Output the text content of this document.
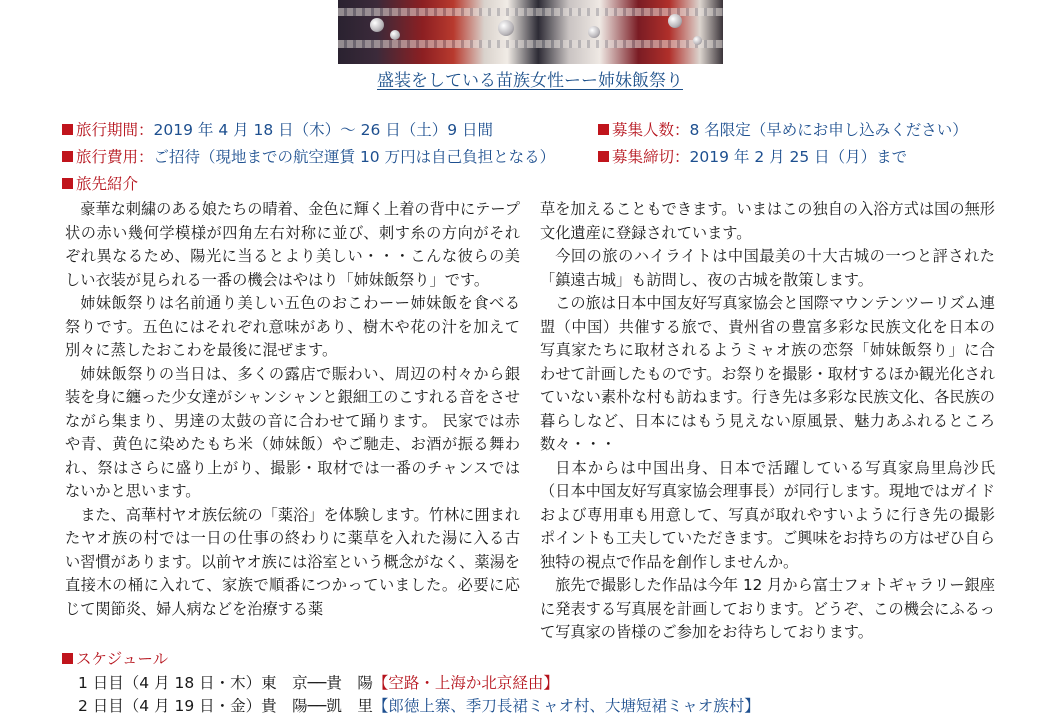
盛装をしている苗族女性ーー姉妹飯祭り
旅行期間：2019 年 4 月 18 日（木）〜 26 日（土）9 日間
旅行費用：ご招待（現地までの航空運賃 10 万円は自己負担となる）
募集人数：8 名限定（早めにお申し込みください）
募集締切：2019 年 2 月 25 日（月）まで
旅先紹介

豪華な刺繍のある娘たちの晴着、金色に輝く上着の背中にテープ状の赤い幾何学模様が四角左右対称に並び、刺す糸の方向がそれぞれ異なるため、陽光に当るとより美しい・・・こんな彼らの美しい衣装が見られる一番の機会はやはり「姉妹飯祭り」です。

姉妹飯祭りは名前通り美しい五色のおこわーー姉妹飯を食べる祭りです。五色にはそれぞれ意味があり、樹木や花の汁を加えて別々に蒸したおこわを最後に混ぜます。

姉妹飯祭りの当日は、多くの露店で賑わい、周辺の村々から銀装を身に纏った少女達がシャンシャンと銀細工のこすれる音をさせながら集まり、男達の太鼓の音に合わせて踊ります。 民家では赤や青、黄色に染めたもち米（姉妹飯）やご馳走、お酒が振る舞われ、祭はさらに盛り上がり、撮影・取材では一番のチャンスではないかと思います。

また、高華村ヤオ族伝統の「薬浴」を体験します。竹林に囲まれたヤオ族の村では一日の仕事の終わりに薬草を入れた湯に入る古い習慣があります。以前ヤオ族には浴室という概念がなく、薬湯を直接木の桶に入れて、家族で順番につかっていました。必要に応じて関節炎、婦人病などを治療する薬

草を加えることもできます。いまはこの独自の入浴方式は国の無形文化遺産に登録されています。

今回の旅のハイライトは中国最美の十大古城の一つと評された「鎮遠古城」も訪問し、夜の古城を散策します。

この旅は日本中国友好写真家協会と国際マウンテンツーリズム連盟（中国）共催する旅で、貴州省の豊富多彩な民族文化を日本の写真家たちに取材されるようミャオ族の恋祭「姉妹飯祭り」に合わせて計画したものです。お祭りを撮影・取材するほか観光化されていない素朴な村も訪ねます。行き先は多彩な民族文化、各民族の暮らしなど、日本にはもう見えない原風景、魅力あふれるところ数々・・・

日本からは中国出身、日本で活躍している写真家烏里烏沙氏（日本中国友好写真家協会理事長）が同行します。現地ではガイドおよび専用車も用意して、写真が取れやすいように行き先の撮影ポイントも工夫していただきます。ご興味をお持ちの方はぜひ自ら独特の視点で作品を創作しませんか。

旅先で撮影した作品は今年 12 月から富士フォトギャラリー銀座に発表する写真展を計画しております。どうぞ、この機会にふるって写真家の皆様のご参加をお待ちしております。

スケジュール
1 日目（4 月 18 日・木）東　京──貴　陽【空路・上海か北京経由】
2 日目（4 月 19 日・金）貴　陽──凱　里【郎徳上寨、季刀長裙ミャオ村、大塘短裙ミャオ族村】
